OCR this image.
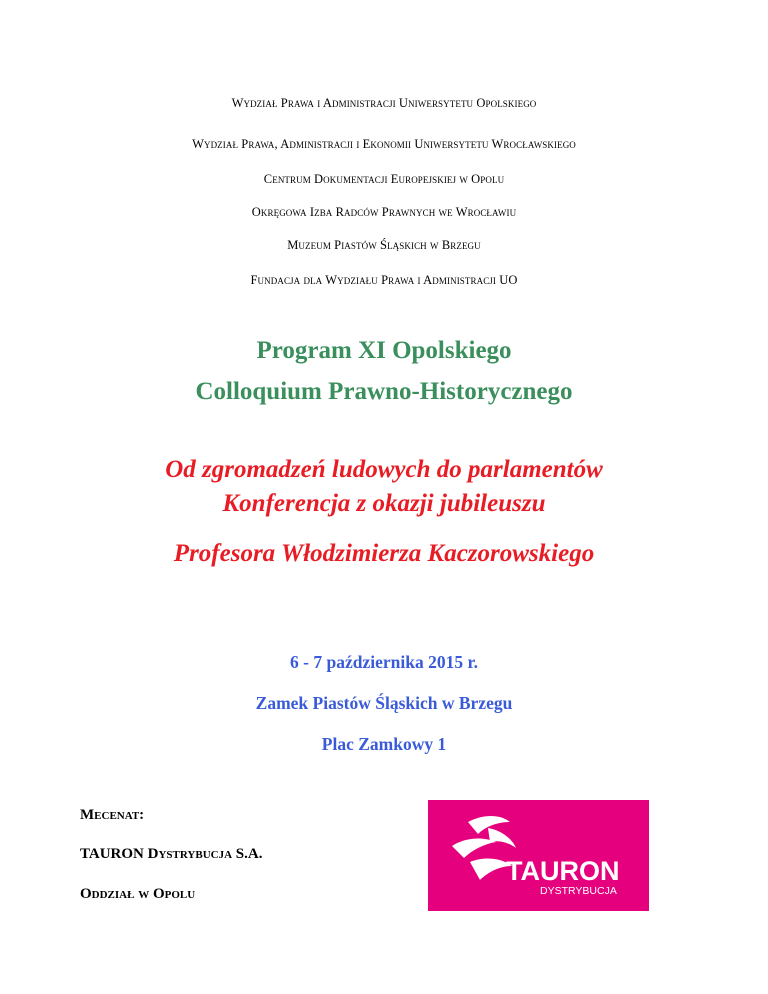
Wydział Prawa i Administracji Uniwersytetu Opolskiego
Wydział Prawa, Administracji i Ekonomii Uniwersytetu Wrocławskiego
Centrum Dokumentacji Europejskiej w Opolu
Okręgowa Izba Radców Prawnych we Wrocławiu
Muzeum Piastów Śląskich w Brzegu
Fundacja dla Wydziału Prawa i Administracji UO
Program XI Opolskiego
Colloquium Prawno-Historycznego
Od zgromadzeń ludowych do parlamentów
Konferencja z okazji jubileuszu
Profesora Włodzimierza Kaczorowskiego
6 - 7 października 2015 r.
Zamek Piastów Śląskich w Brzegu
Plac Zamkowy 1
Mecenat:
TAURON Dystrybucja S.A.
Oddział w Opolu
TAURON
DYSTRYBUCJA
